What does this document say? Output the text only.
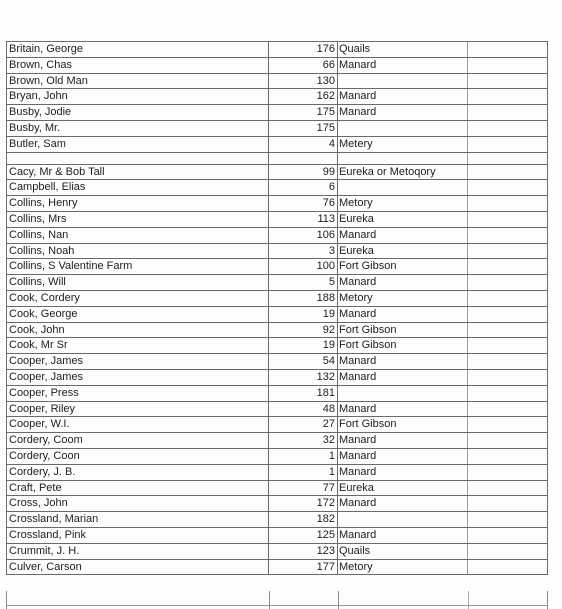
Britain, George	176 Quails
Brown, Chas	66 Manard
Brown, Old Man	130
Bryan, John	162 Manard
Busby, Jodie	175 Manard
Busby, Mr.	175
Butler, Sam	4 Metery
Cacy, Mr & Bob Tall	99 Eureka or Metoqory
Campbell, Elias	6
Collins, Henry	76 Metory
Collins, Mrs	113 Eureka
Collins, Nan	106 Manard
Collins, Noah	3 Eureka
Collins, S Valentine Farm	100 Fort Gibson
Collins, Will	5 Manard
Cook, Cordery	188 Metory
Cook, George	19 Manard
Cook, John	92 Fort Gibson
Cook, Mr Sr	19 Fort Gibson
Cooper, James	54 Manard
Cooper, James	132 Manard
Cooper, Press	181
Cooper, Riley	48 Manard
Cooper, W.I.	27 Fort Gibson
Cordery, Coom	32 Manard
Cordery, Coon	1 Manard
Cordery, J. B.	1 Manard
Craft, Pete	77 Eureka
Cross, John	172 Manard
Crossland, Marian	182
Crossland, Pink	125 Manard
Crummit, J. H.	123 Quails
Culver, Carson	177 Metory
